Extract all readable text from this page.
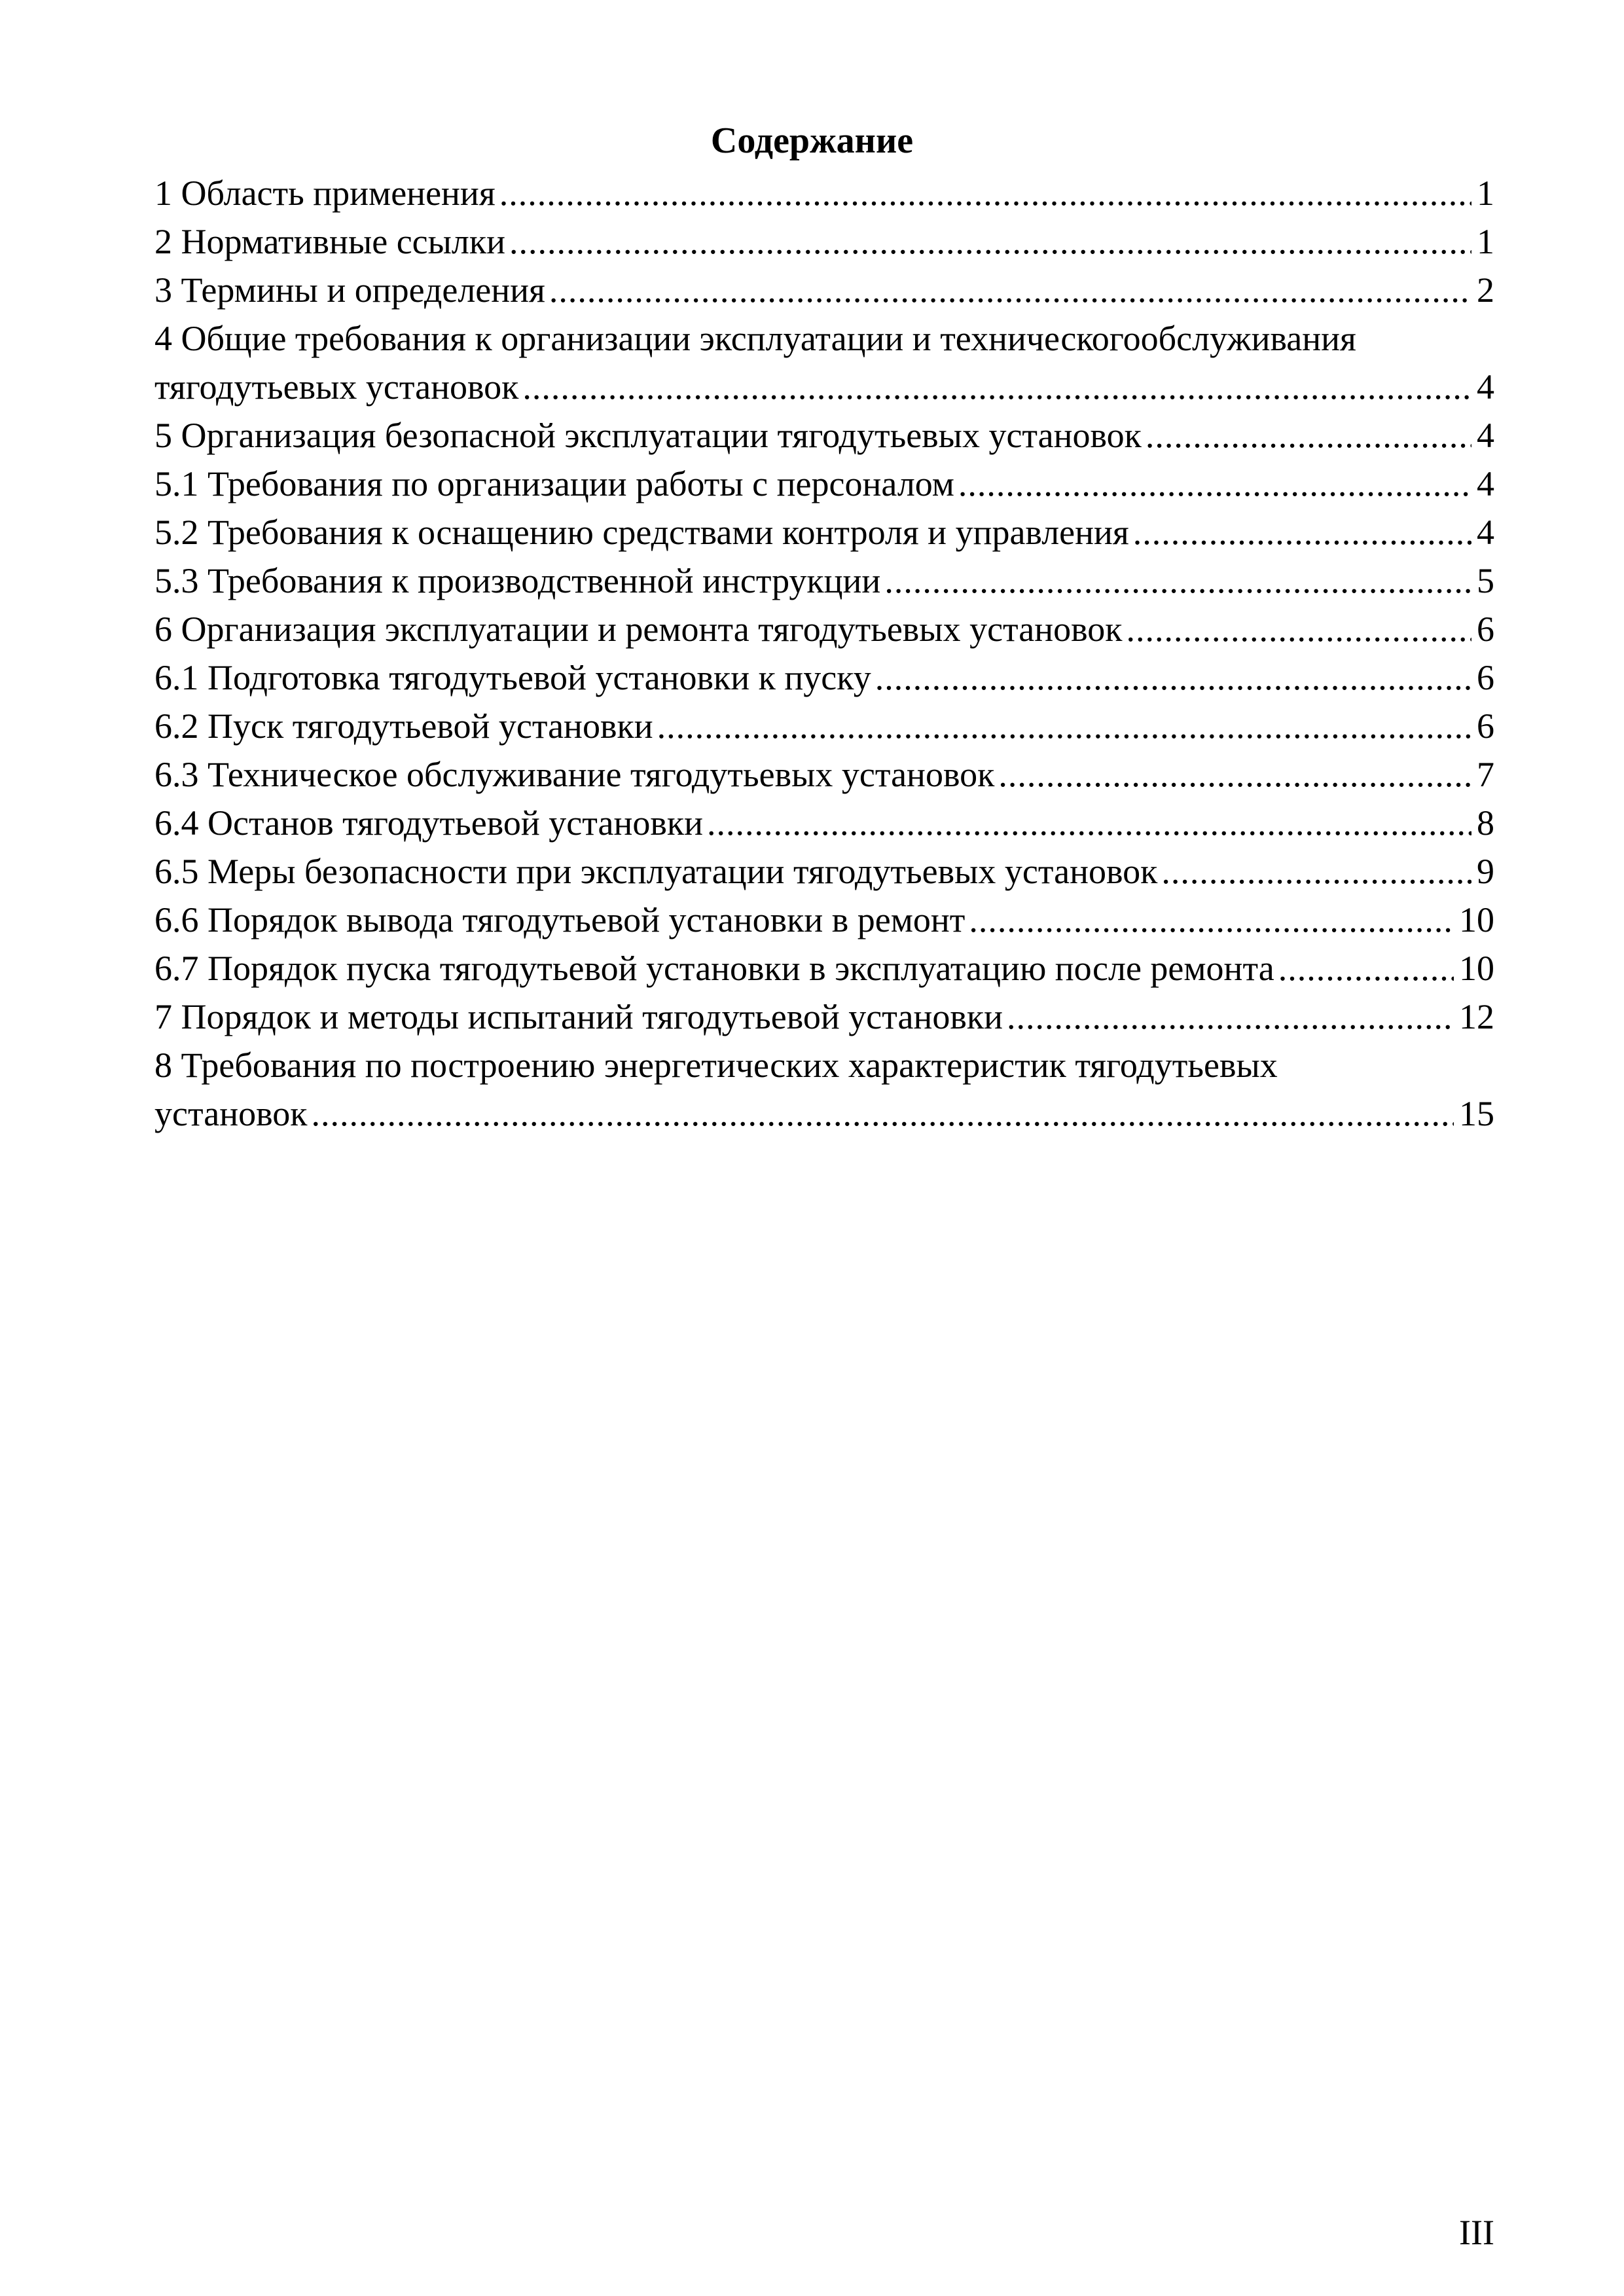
Содержание
1 Область применения .....	1
2 Нормативные ссылки .....	1
3 Термины и определения .....	2
4 Общие требования к организации эксплуатации и техническогообслуживания
тягодутьевых установок .....	4
5 Организация безопасной эксплуатации тягодутьевых установок .....	4
5.1 Требования по организации работы с персоналом .....	4
5.2 Требования к оснащению средствами контроля и управления .....	4
5.3 Требования к производственной инструкции .....	5
6 Организация эксплуатации и ремонта тягодутьевых установок .....	6
6.1 Подготовка тягодутьевой установки к пуску .....	6
6.2 Пуск тягодутьевой установки .....	6
6.3 Техническое обслуживание тягодутьевых установок .....	7
6.4 Останов тягодутьевой установки .....	8
6.5 Меры безопасности при эксплуатации тягодутьевых установок .....	9
6.6 Порядок вывода тягодутьевой установки в ремонт .....	10
6.7 Порядок пуска тягодутьевой установки в эксплуатацию после ремонта .....	10
7 Порядок и методы испытаний тягодутьевой установки .....	12
8 Требования по построению энергетических характеристик тягодутьевых
установок .....	15

III
